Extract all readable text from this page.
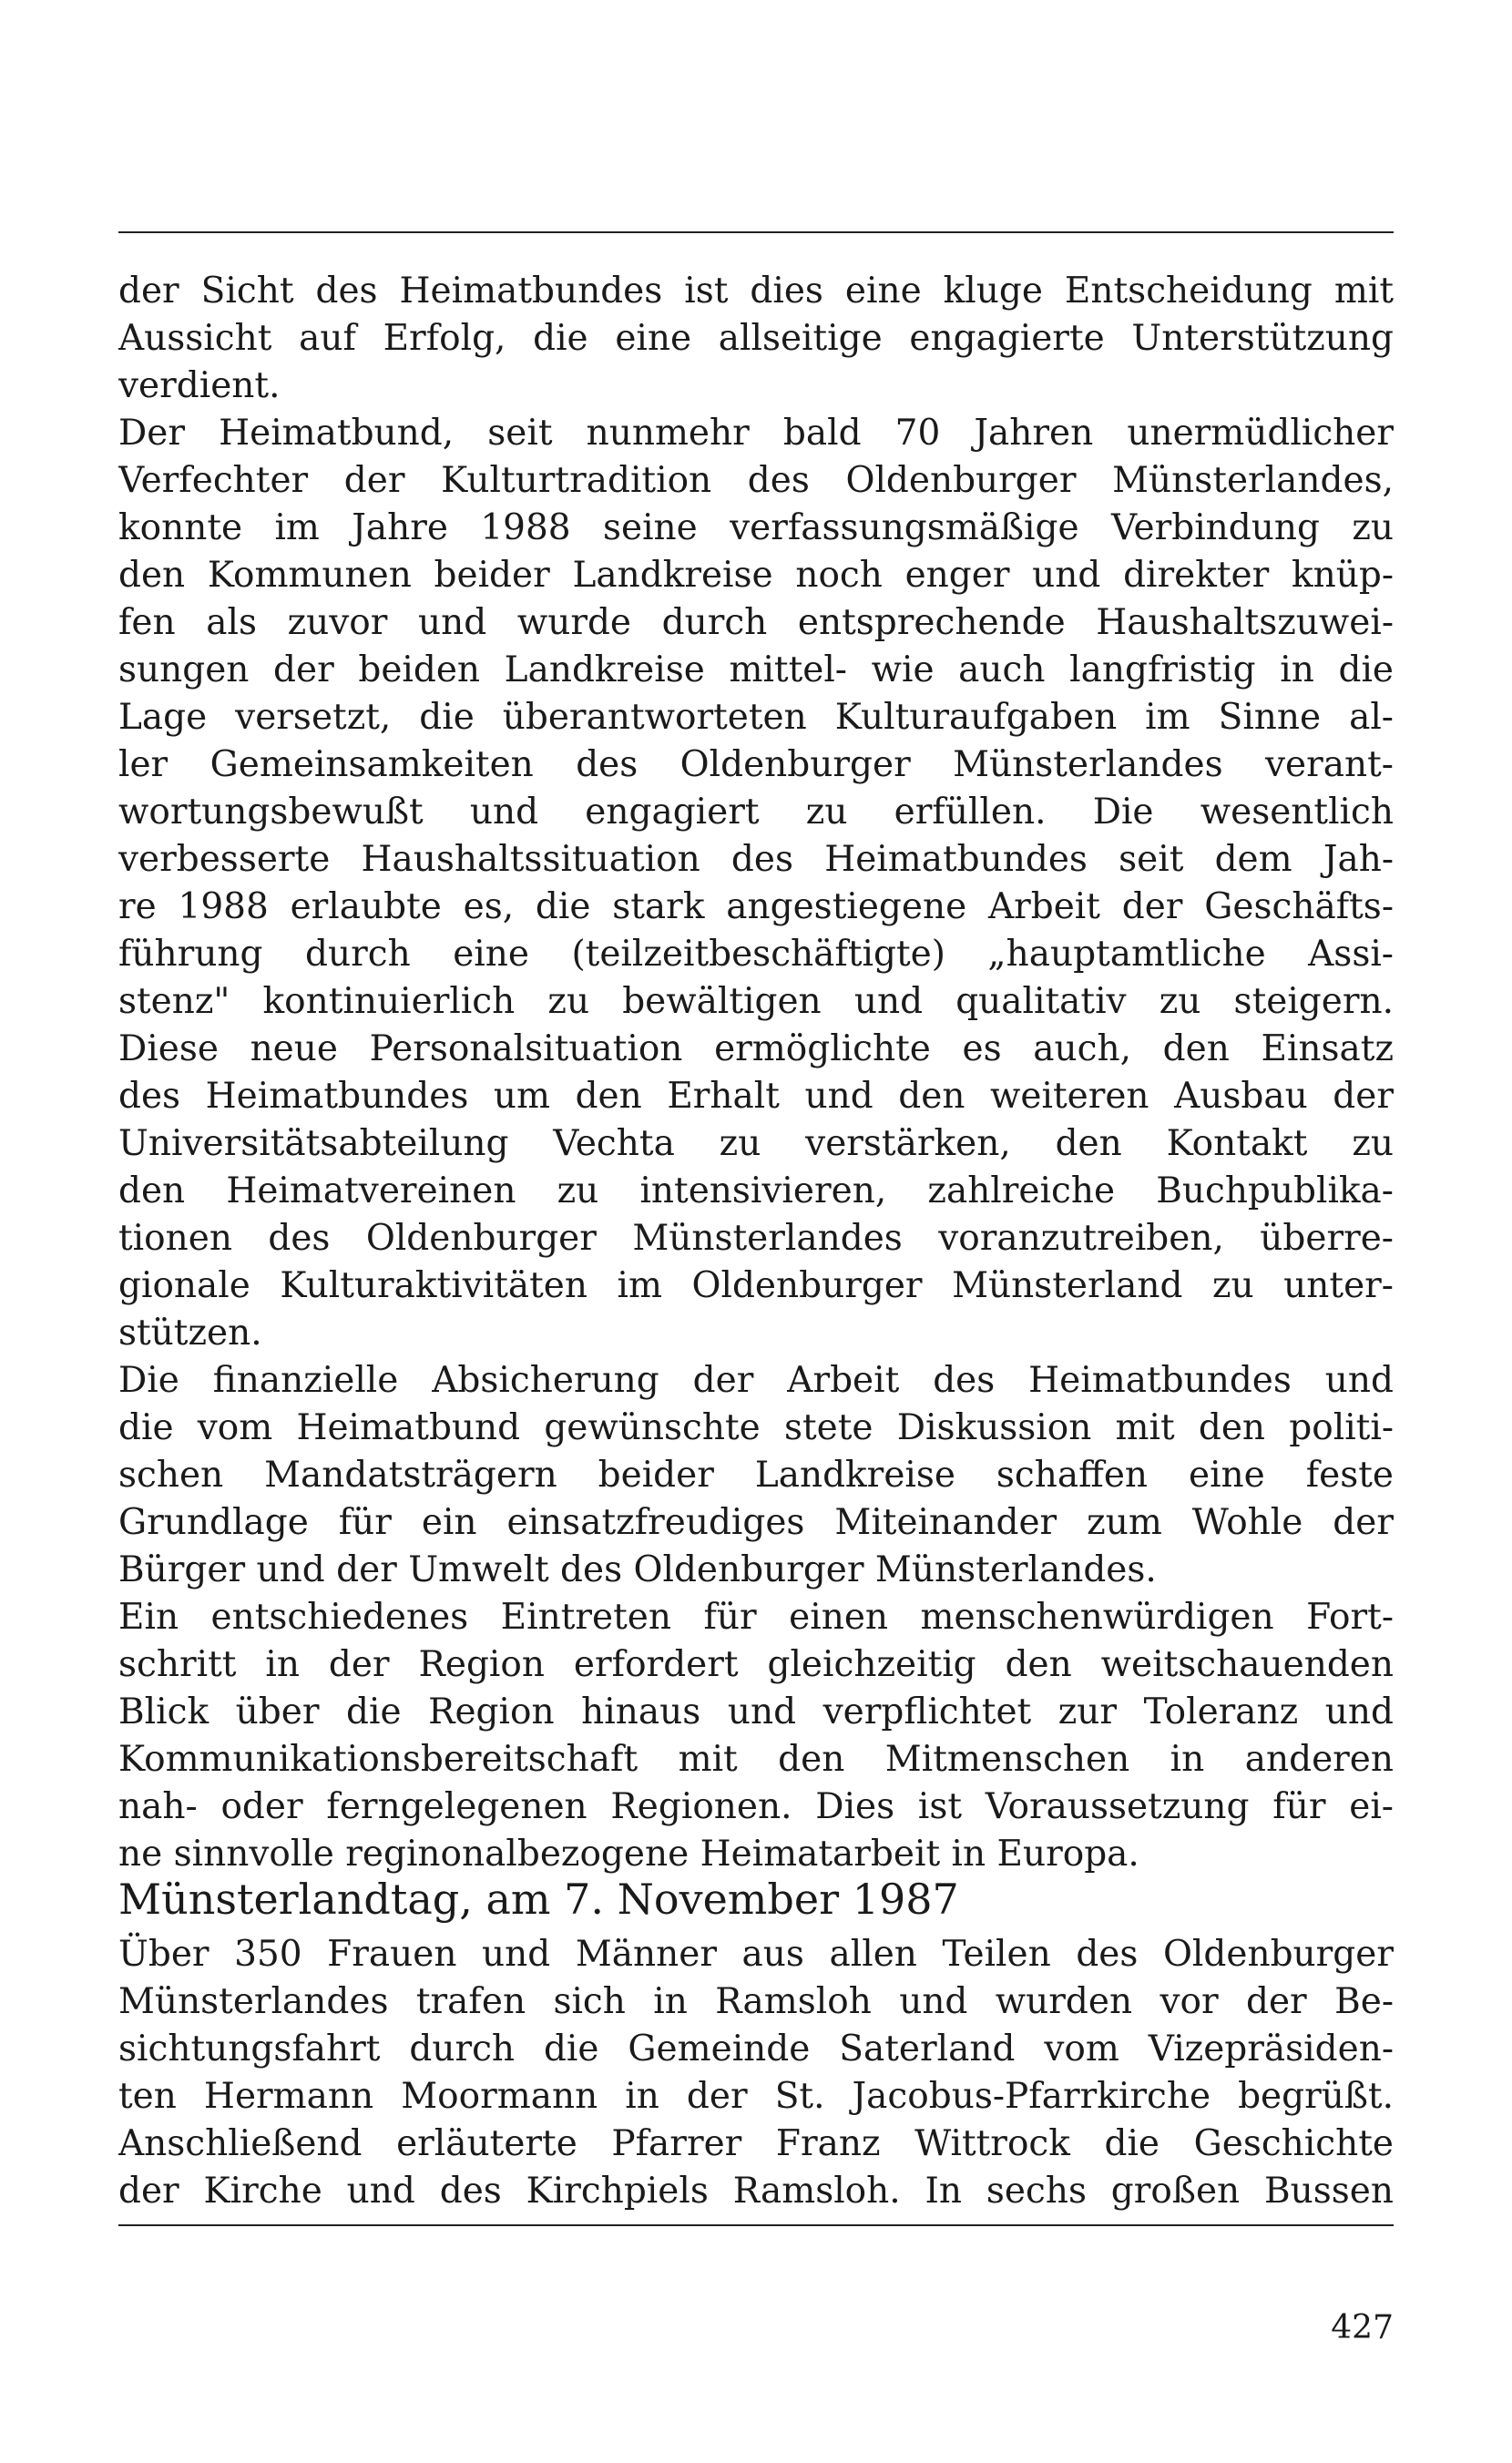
der Sicht des Heimatbundes ist dies eine kluge Entscheidung mit
Aussicht auf Erfolg, die eine allseitige engagierte Unterstützung
verdient.
Der Heimatbund, seit nunmehr bald 70 Jahren unermüdlicher
Verfechter der Kulturtradition des Oldenburger Münsterlandes,
konnte im Jahre 1988 seine verfassungsmäßige Verbindung zu
den Kommunen beider Landkreise noch enger und direkter knüp-
fen als zuvor und wurde durch entsprechende Haushaltszuwei-
sungen der beiden Landkreise mittel- wie auch langfristig in die
Lage versetzt, die überantworteten Kulturaufgaben im Sinne al-
ler Gemeinsamkeiten des Oldenburger Münsterlandes verant-
wortungsbewußt und engagiert zu erfüllen. Die wesentlich
verbesserte Haushaltssituation des Heimatbundes seit dem Jah-
re 1988 erlaubte es, die stark angestiegene Arbeit der Geschäfts-
führung durch eine (teilzeitbeschäftigte) „hauptamtliche Assi-
stenz" kontinuierlich zu bewältigen und qualitativ zu steigern.
Diese neue Personalsituation ermöglichte es auch, den Einsatz
des Heimatbundes um den Erhalt und den weiteren Ausbau der
Universitätsabteilung Vechta zu verstärken, den Kontakt zu
den Heimatvereinen zu intensivieren, zahlreiche Buchpublika-
tionen des Oldenburger Münsterlandes voranzutreiben, überre-
gionale Kulturaktivitäten im Oldenburger Münsterland zu unter-
stützen.
Die finanzielle Absicherung der Arbeit des Heimatbundes und
die vom Heimatbund gewünschte stete Diskussion mit den politi-
schen Mandatsträgern beider Landkreise schaffen eine feste
Grundlage für ein einsatzfreudiges Miteinander zum Wohle der
Bürger und der Umwelt des Oldenburger Münsterlandes.
Ein entschiedenes Eintreten für einen menschenwürdigen Fort-
schritt in der Region erfordert gleichzeitig den weitschauenden
Blick über die Region hinaus und verpflichtet zur Toleranz und
Kommunikationsbereitschaft mit den Mitmenschen in anderen
nah- oder ferngelegenen Regionen. Dies ist Voraussetzung für ei-
ne sinnvolle reginonalbezogene Heimatarbeit in Europa.
Münsterlandtag, am 7. November 1987
Über 350 Frauen und Männer aus allen Teilen des Oldenburger
Münsterlandes trafen sich in Ramsloh und wurden vor der Be-
sichtungsfahrt durch die Gemeinde Saterland vom Vizepräsiden-
ten Hermann Moormann in der St. Jacobus-Pfarrkirche begrüßt.
Anschließend erläuterte Pfarrer Franz Wittrock die Geschichte
der Kirche und des Kirchpiels Ramsloh. In sechs großen Bussen
427
